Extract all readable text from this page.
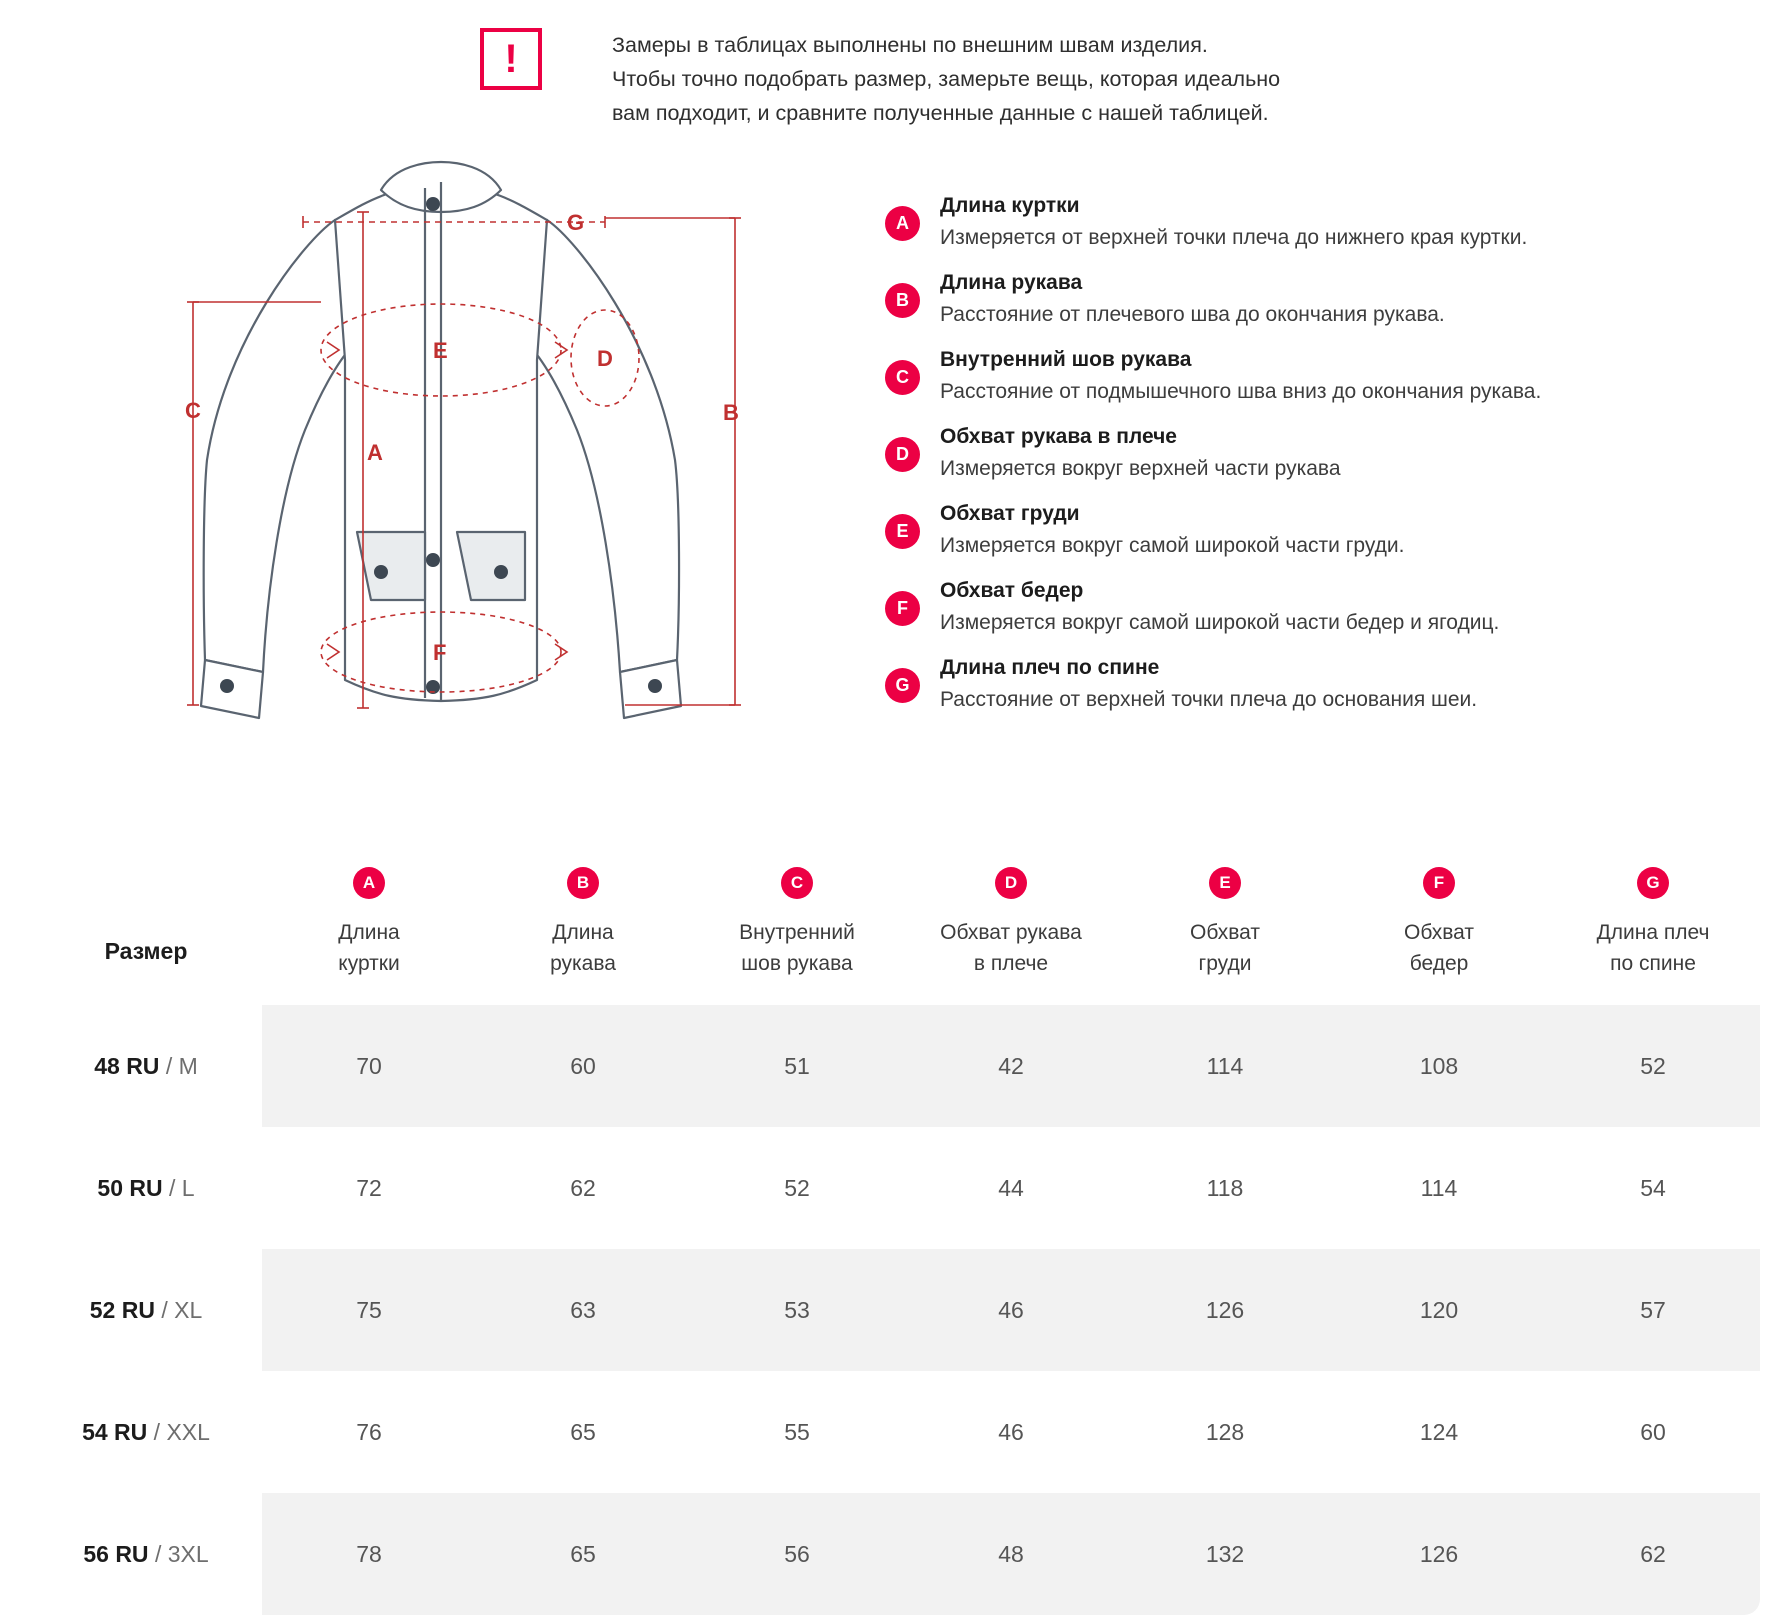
!	Замеры в таблицах выполнены по внешним швам изделия.
Чтобы точно подобрать размер, замерьте вещь, которая идеально
вам подходит, и сравните полученные данные с нашей таблицей.
A
B
C
D
E
F
G	A
Длина куртки
Измеряется от верхней точки плеча до нижнего края куртки.
B
Длина рукава
Расстояние от плечевого шва до окончания рукава.
C
Внутренний шов рукава
Расстояние от подмышечного шва вниз до окончания рукава.
D
Обхват рукава в плече
Измеряется вокруг верхней части рукава
E
Обхват груди
Измеряется вокруг самой широкой части груди.
F
Обхват бедер
Измеряется вокруг самой широкой части бедер и ягодиц.
G
Длина плеч по спине
Расстояние от верхней точки плеча до основания шеи.
Размер	
A
Длина
куртки

B
Длина
рукава

C
Внутренний
шов рукава

D
Обхват рукава
в плече

E
Обхват
груди

F
Обхват
бедер

G
Длина плеч
по спине

48 RU / M	70	60	51	42	114	108	52
50 RU / L	72	62	52	44	118	114	54
52 RU / XL	75	63	53	46	126	120	57
54 RU / XXL	76	65	55	46	128	124	60
56 RU / 3XL	78	65	56	48	132	126	62
